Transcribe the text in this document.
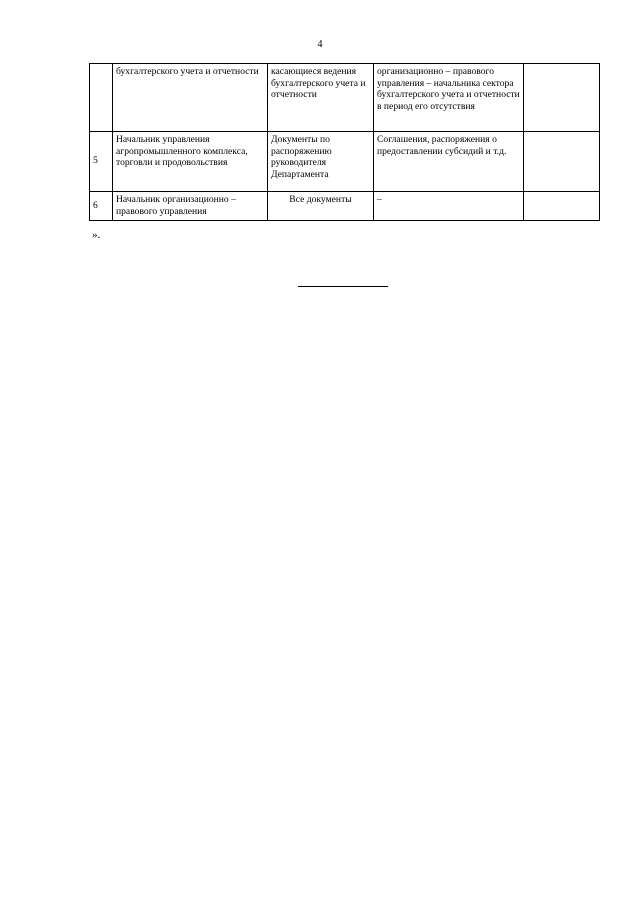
4
	бухгалтерского учета и отчетности	касающиеся ведения бухгалтерского учета и отчетности	организационно – правового управления – начальника сектора бухгалтерского учета и отчетности в период его отсутствия	
5	Начальник управления агропромышленного комплекса, торговли и продовольствия	Документы по распоряжению руководителя Департамента	Соглашения, распоряжения о предоставлении субсидий и т.д.	
6	Начальник организационно – правового управления	Все документы	–	
».
